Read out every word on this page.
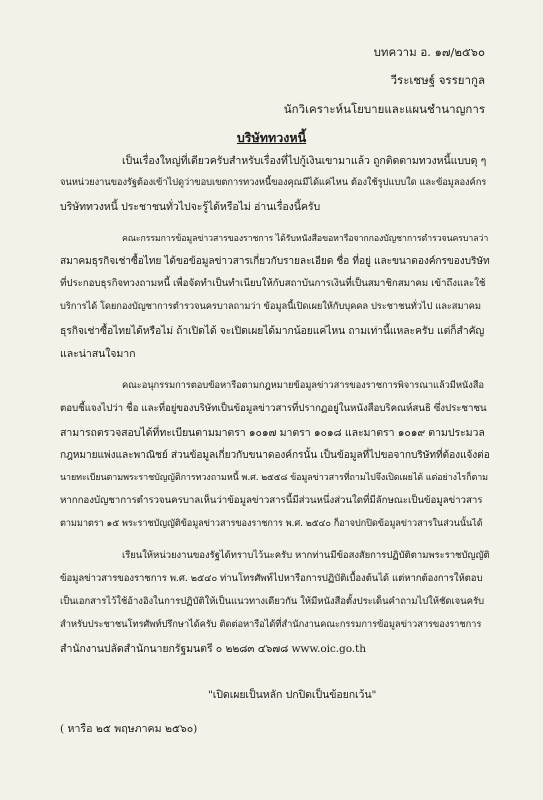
บทความ อ. ๑๗/๒๕๖๐
วีระเชษฐ์ จรรยากูล
นักวิเคราะห์นโยบายและแผนชำนาญการ
บริษัททวงหนี้
เป็นเรื่องใหญ่ที่เดียวครับสำหรับเรื่องที่ไปกู้เงินเขามาแล้ว ถูกติดตามทวงหนี้แบบดุ ๆ
จนหน่วยงานของรัฐต้องเข้าไปดูว่าขอบเขตการทวงหนี้ของคุณมีได้แค่ไหน ต้องใช้รูปแบบใด และข้อมูลองค์กร
บริษัททวงหนี้ ประชาชนทั่วไปจะรู้ได้หรือไม่ อ่านเรื่องนี้ครับ
คณะกรรมการข้อมูลข่าวสารของราชการ ได้รับหนังสือขอหารือจากกองบัญชาการตำรวจนครบาลว่า
สมาคมธุรกิจเช่าซื้อไทย ได้ขอข้อมูลข่าวสารเกี่ยวกับรายละเอียด ชื่อ ที่อยู่ และขนาดองค์กรของบริษัท
ที่ประกอบธุรกิจทวงถามหนี้ เพื่อจัดทำเป็นทำเนียบให้กับสถาบันการเงินที่เป็นสมาชิกสมาคม เข้าถึงและใช้
บริการได้ โดยกองบัญชาการตำรวจนครบาลถามว่า ข้อมูลนี้เปิดเผยให้กับบุคคล ประชาชนทั่วไป และสมาคม
ธุรกิจเช่าซื้อไทยได้หรือไม่ ถ้าเปิดได้ จะเปิดเผยได้มากน้อยแค่ไหน ถามเท่านี้แหละครับ แต่ก็สำคัญ
และน่าสนใจมาก
คณะอนุกรรมการตอบข้อหารือตามกฎหมายข้อมูลข่าวสารของราชการพิจารณาแล้วมีหนังสือ
ตอบชี้แจงไปว่า ชื่อ และที่อยู่ของบริษัทเป็นข้อมูลข่าวสารที่ปรากฏอยู่ในหนังสือบริคณห์สนธิ ซึ่งประชาชน
สามารถตรวจสอบได้ที่ทะเบียนตามมาตรา ๑๐๑๗ มาตรา ๑๐๑๘ และมาตรา ๑๐๑๙ ตามประมวล
กฎหมายแพ่งและพาณิชย์ ส่วนข้อมูลเกี่ยวกับขนาดองค์กรนั้น เป็นข้อมูลที่ไปขอจากบริษัทที่ต้องแจ้งต่อ
นายทะเบียนตามพระราชบัญญัติการทวงถามหนี้ พ.ศ. ๒๕๕๘ ข้อมูลข่าวสารที่ถามไปจึงเปิดเผยได้ แต่อย่างไรก็ตาม
หากกองบัญชาการตำรวจนครบาลเห็นว่าข้อมูลข่าวสารนี้มีส่วนหนึ่งส่วนใดที่มีลักษณะเป็นข้อมูลข่าวสาร
ตามมาตรา ๑๕ พระราชบัญญัติข้อมูลข่าวสารของราชการ พ.ศ. ๒๕๔๐ ก็อาจปกปิดข้อมูลข่าวสารในส่วนนั้นได้
เรียนให้หน่วยงานของรัฐได้ทราบไว้นะครับ หากท่านมีข้อสงสัยการปฏิบัติตามพระราชบัญญัติ
ข้อมูลข่าวสารของราชการ พ.ศ. ๒๕๔๐ ท่านโทรศัพท์ไปหารือการปฏิบัติเบื้องต้นได้ แต่หากต้องการให้ตอบ
เป็นเอกสารไว้ใช้อ้างอิงในการปฏิบัติให้เป็นแนวทางเดียวกัน ให้มีหนังสือตั้งประเด็นคำถามไปให้ชัดเจนครับ
สำหรับประชาชนโทรศัพท์ปรึกษาได้ครับ ติดต่อหารือได้ที่สำนักงานคณะกรรมการข้อมูลข่าวสารของราชการ
สำนักงานปลัดสำนักนายกรัฐมนตรี ๐ ๒๒๘๓ ๔๖๗๘ www.oic.go.th
"เปิดเผยเป็นหลัก ปกปิดเป็นข้อยกเว้น"
( หารือ ๒๕ พฤษภาคม ๒๕๖๐)
